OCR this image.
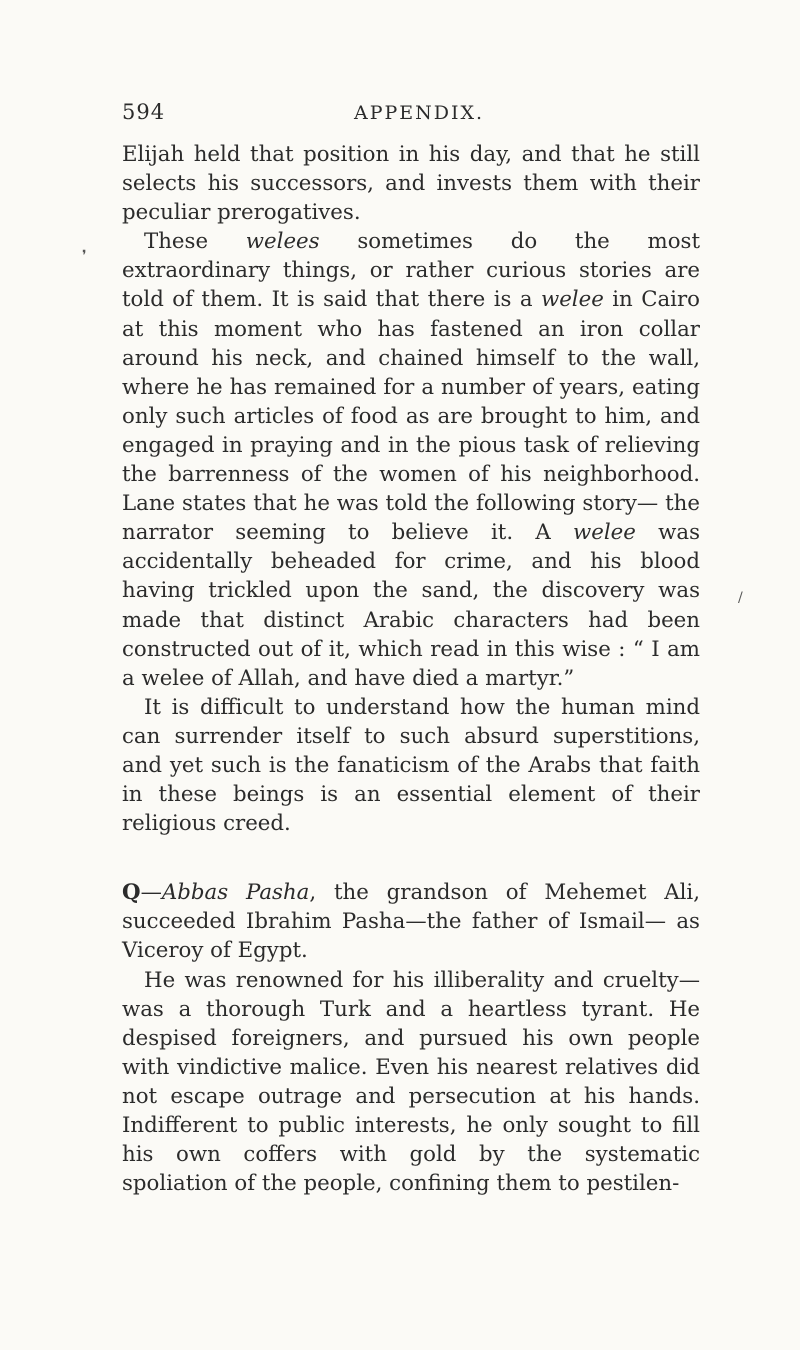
594	APPENDIX.

Elijah held that position in his day, and that he still selects his successors, and invests them with their peculiar prerogatives.

These welees sometimes do the most extraordinary things, or rather curious stories are told of them. It is said that there is a welee in Cairo at this moment who has fastened an iron collar around his neck, and chained himself to the wall, where he has remained for a number of years, eating only such articles of food as are brought to him, and engaged in praying and in the pious task of relieving the barrenness of the women of his neighborhood. Lane states that he was told the following story— the narrator seeming to believe it. A welee was accidentally beheaded for crime, and his blood having trickled upon the sand, the discovery was made that distinct Arabic characters had been constructed out of it, which read in this wise : “ I am a welee of Allah, and have died a martyr.”

It is difficult to understand how the human mind can surrender itself to such absurd superstitions, and yet such is the fanaticism of the Arabs that faith in these beings is an essential element of their religious creed.

Q—Abbas Pasha, the grandson of Mehemet Ali, succeeded Ibrahim Pasha—the father of Ismail— as Viceroy of Egypt.

He was renowned for his illiberality and cruelty— was a thorough Turk and a heartless tyrant. He despised foreigners, and pursued his own people with vindictive malice. Even his nearest relatives did not escape outrage and persecution at his hands. Indifferent to public interests, he only sought to fill his own coffers with gold by the systematic spoliation of the people, confining them to pestilen-

❜
/
